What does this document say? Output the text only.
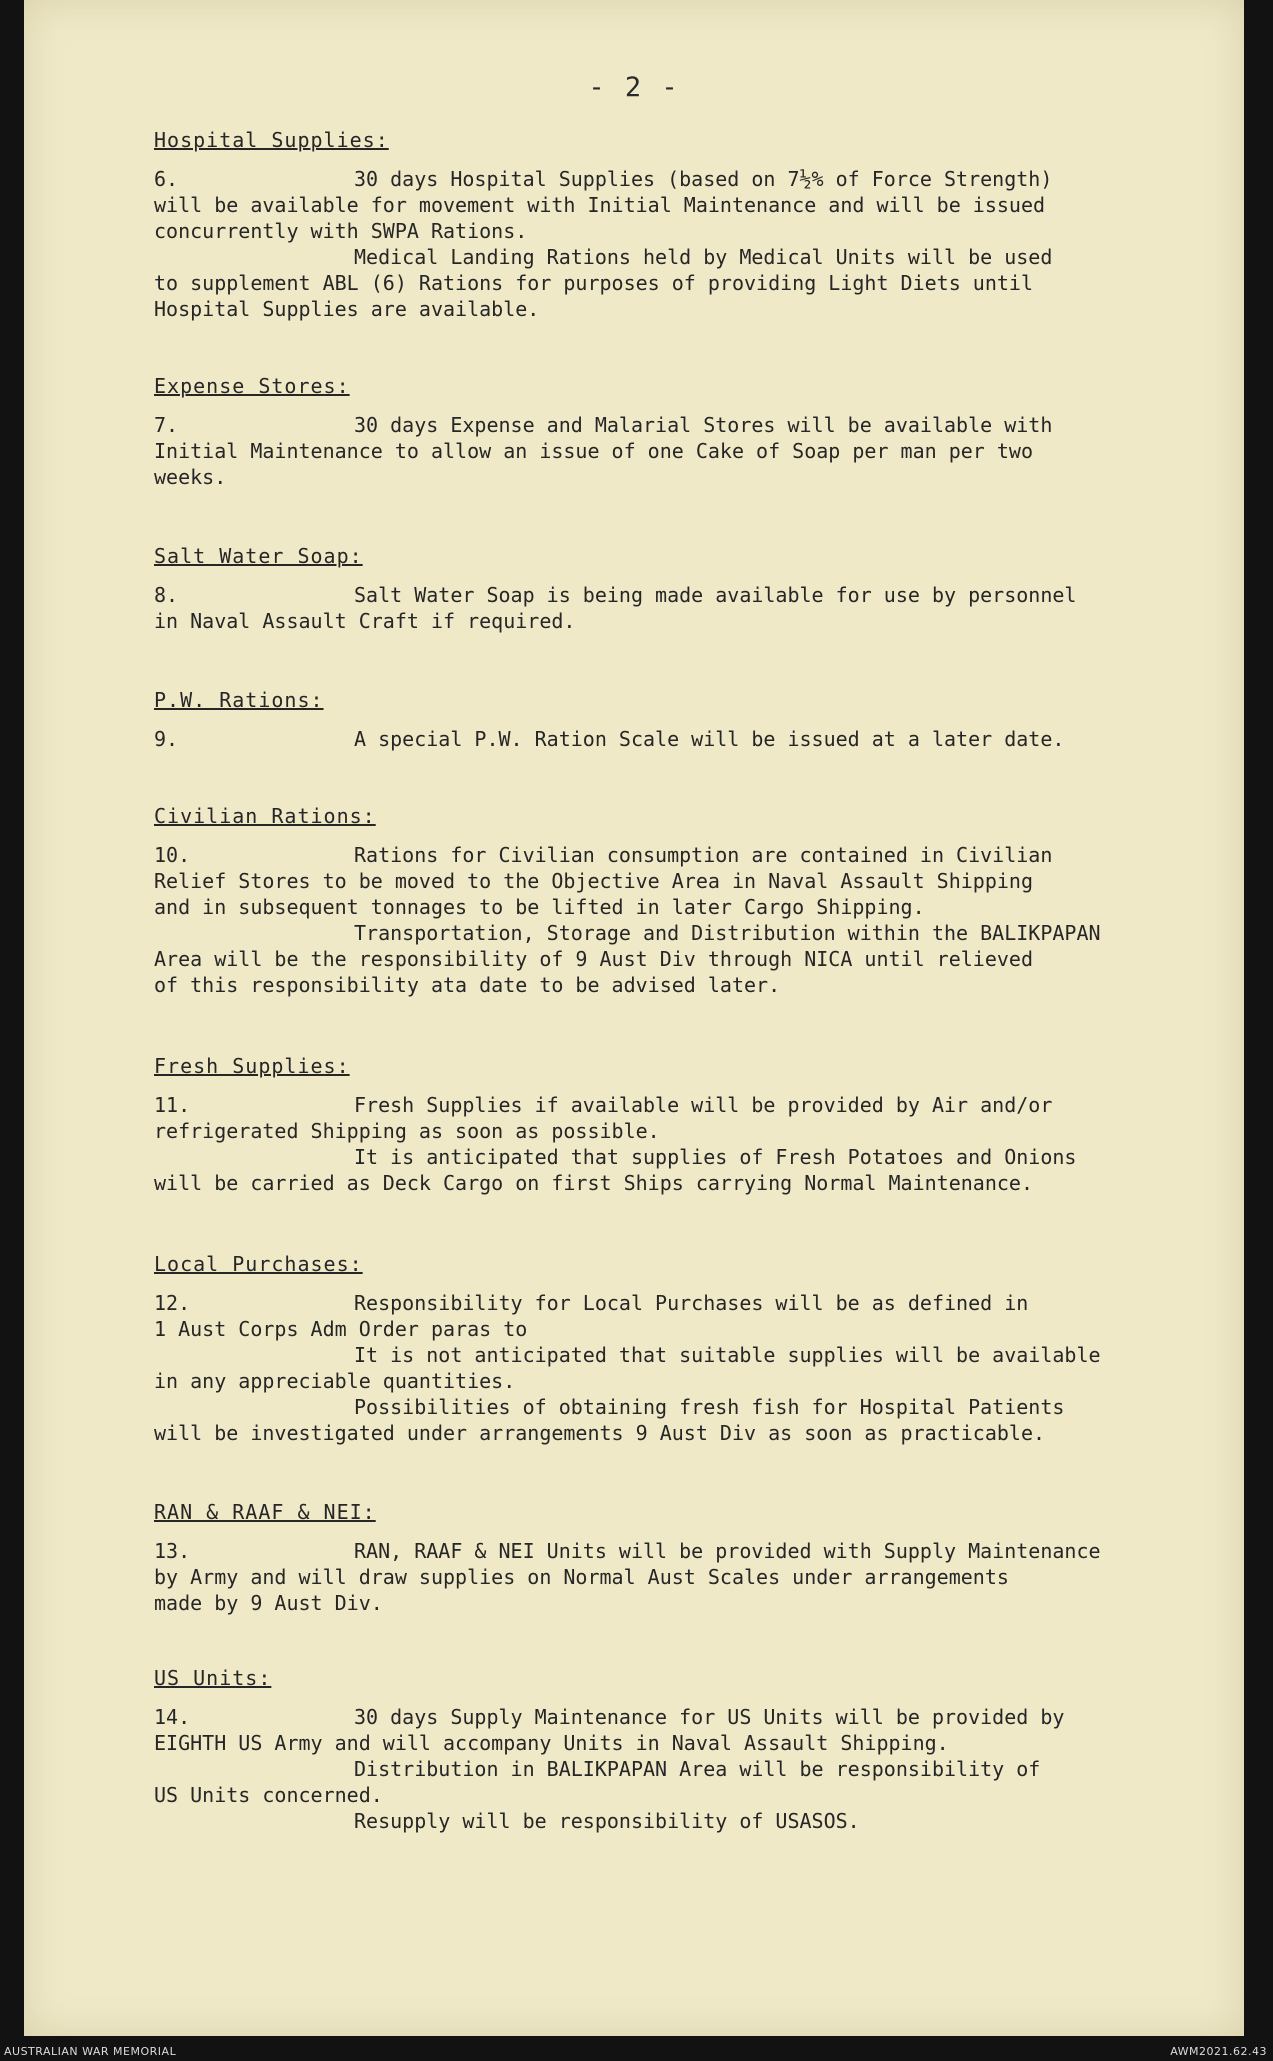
- 2 -
Hospital Supplies:

6.	30 days Hospital Supplies (based on 7½% of Force Strength)

will be available for movement with Initial Maintenance and will be issued

concurrently with SWPA Rations.

Medical Landing Rations held by Medical Units will be used

to supplement ABL (6) Rations for purposes of providing Light Diets until

Hospital Supplies are available.

Expense Stores:

7.	30 days Expense and Malarial Stores will be available with

Initial Maintenance to allow an issue of one Cake of Soap per man per two

weeks.

Salt Water Soap:

8.	Salt Water Soap is being made available for use by personnel

in Naval Assault Craft if required.

P.W. Rations:

9.	A special P.W. Ration Scale will be issued at a later date.

Civilian Rations:

10.	Rations for Civilian consumption are contained in Civilian

Relief Stores to be moved to the Objective Area in Naval Assault Shipping

and in subsequent tonnages to be lifted in later Cargo Shipping.

Transportation, Storage and Distribution within the BALIKPAPAN

Area will be the responsibility of 9 Aust Div through NICA until relieved

of this responsibility ata date to be advised later.

Fresh Supplies:

11.	Fresh Supplies if available will be provided by Air and/or

refrigerated Shipping as soon as possible.

It is anticipated that supplies of Fresh Potatoes and Onions

will be carried as Deck Cargo on first Ships carrying Normal Maintenance.

Local Purchases:

12.	Responsibility for Local Purchases will be as defined in

1 Aust Corps Adm Order paras to

It is not anticipated that suitable supplies will be available

in any appreciable quantities.

Possibilities of obtaining fresh fish for Hospital Patients

will be investigated under arrangements 9 Aust Div as soon as practicable.

RAN & RAAF & NEI:

13.	RAN, RAAF & NEI Units will be provided with Supply Maintenance

by Army and will draw supplies on Normal Aust Scales under arrangements

made by 9 Aust Div.

US Units:

14.	30 days Supply Maintenance for US Units will be provided by

EIGHTH US Army and will accompany Units in Naval Assault Shipping.

Distribution in BALIKPAPAN Area will be responsibility of

US Units concerned.

Resupply will be responsibility of USASOS.

AUSTRALIAN WAR MEMORIAL	AWM2021.62.43
